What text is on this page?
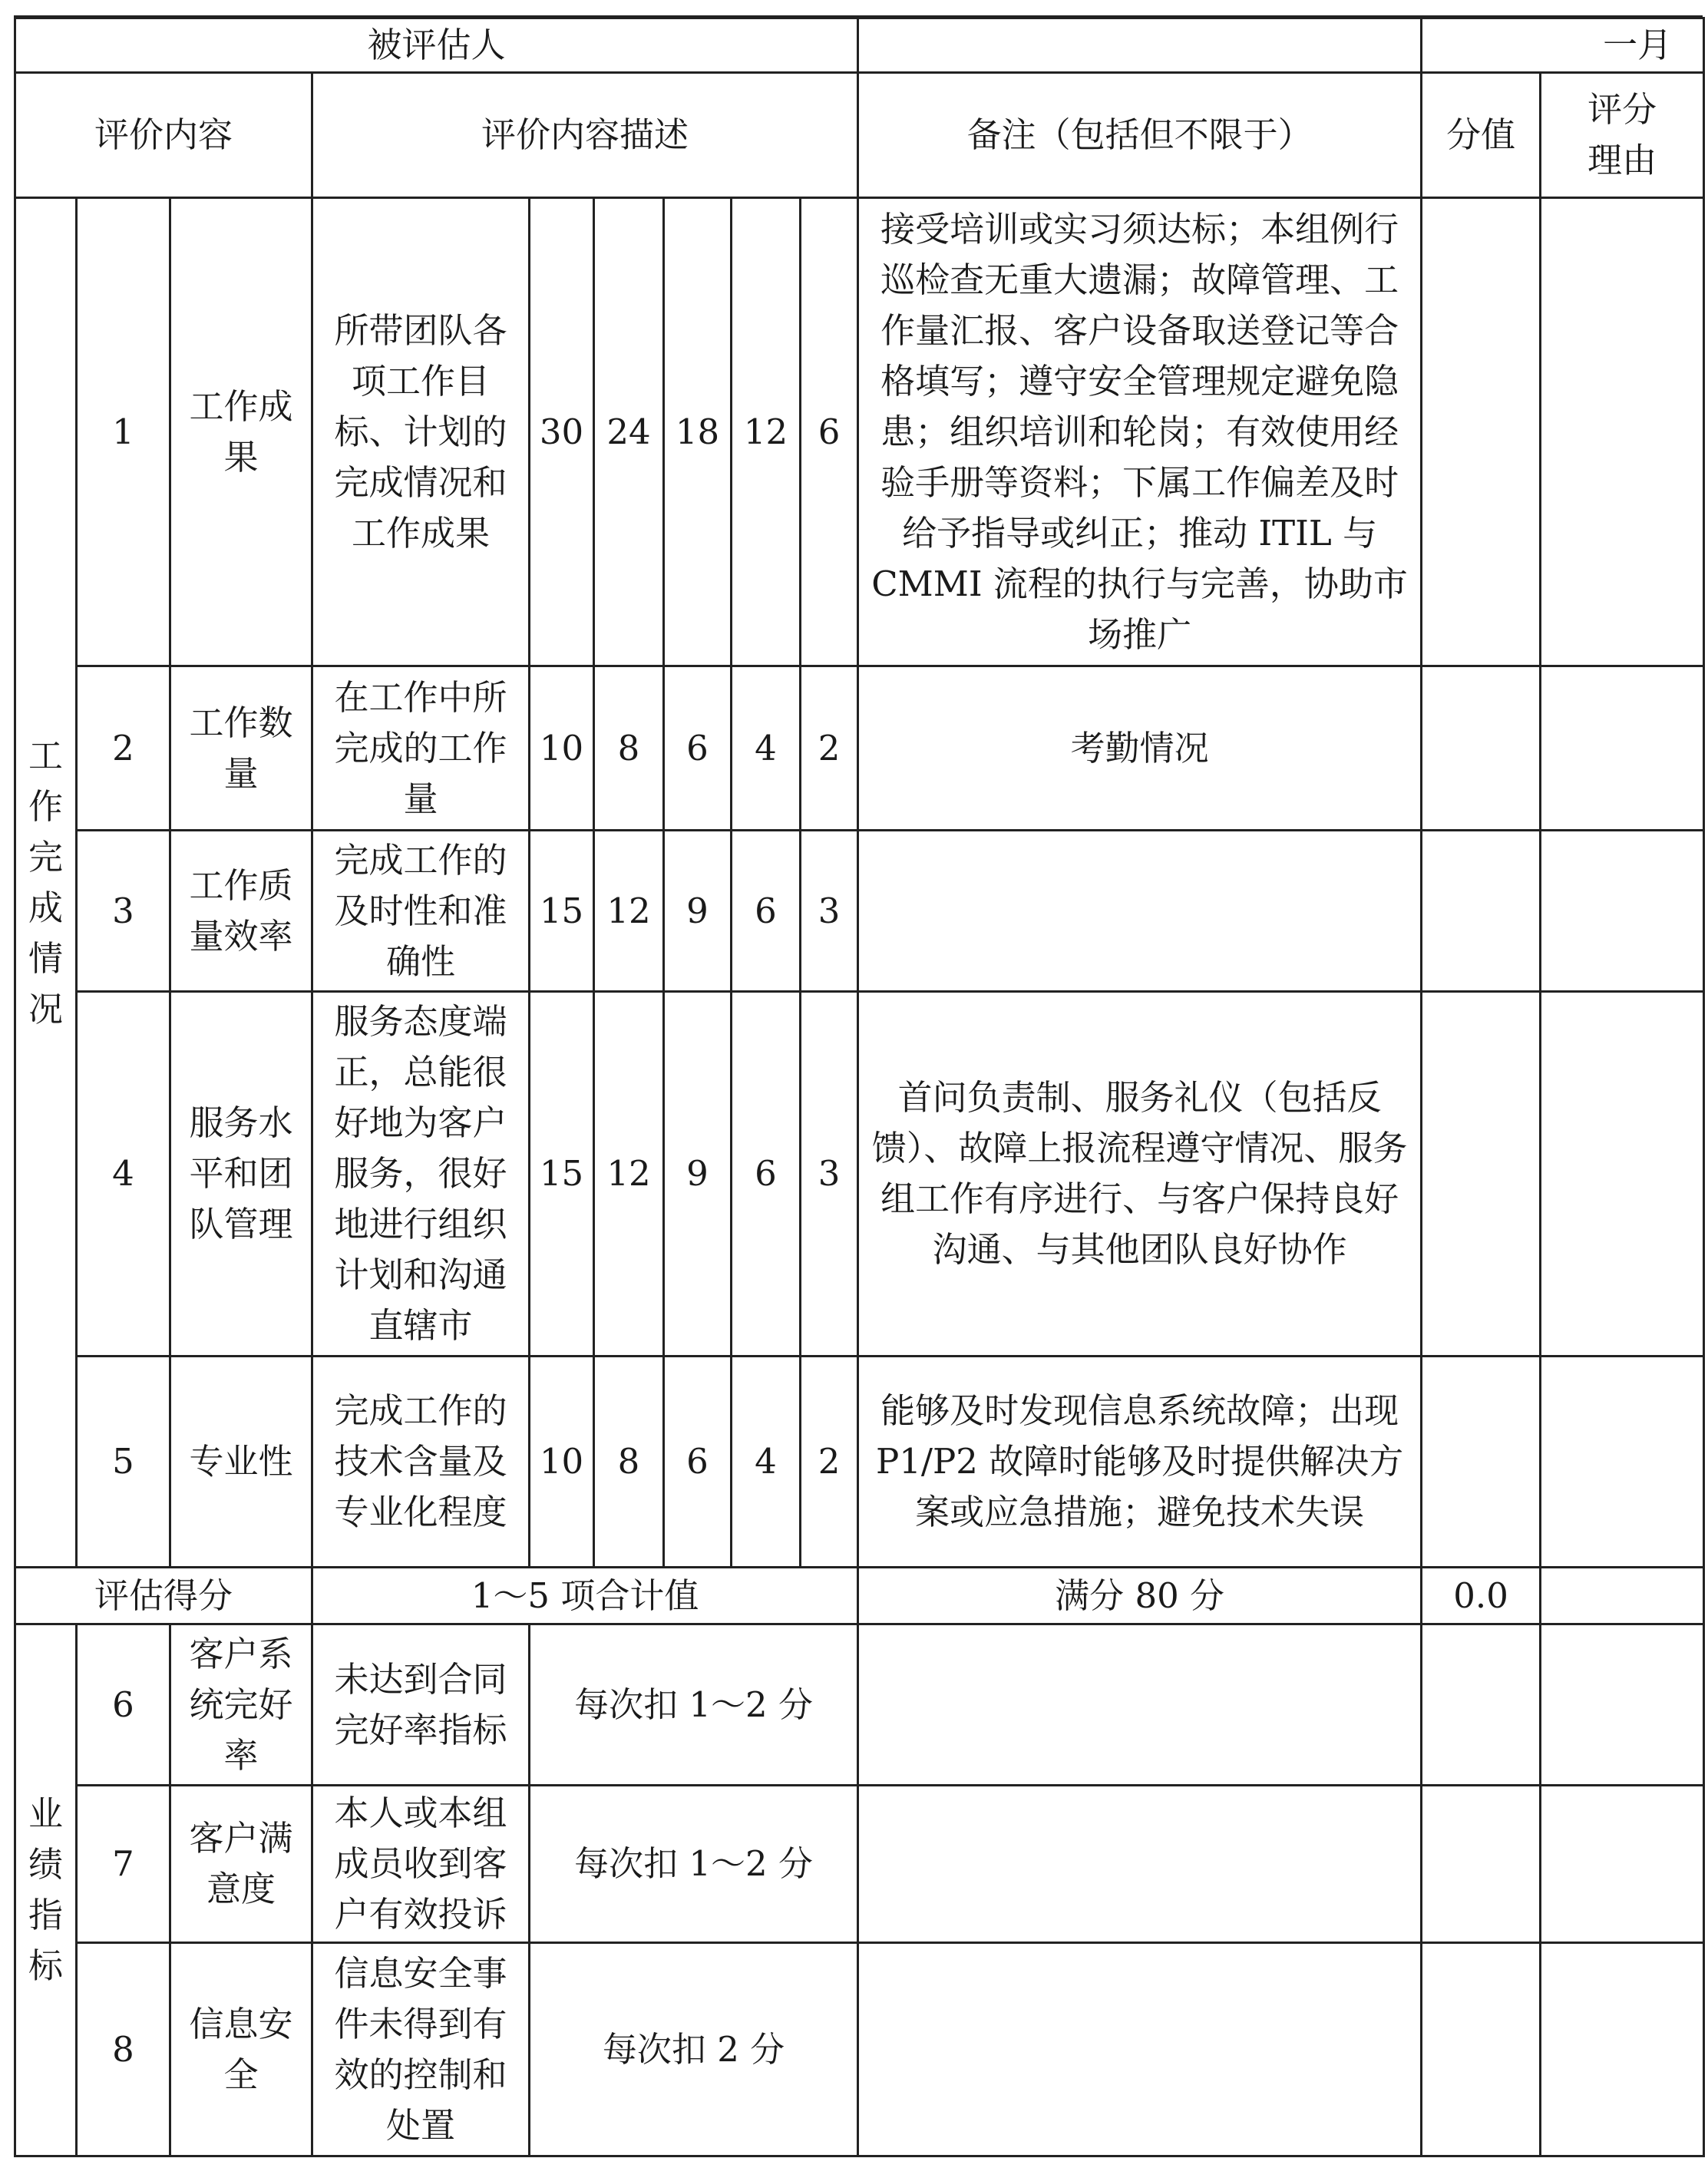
被评估人										一月	
评价内容			评价内容描述						备注（包括但不限于）	分值	评分理由

工作完成情况	1	工作成果	所带团队各项工作目标、计划的完成情况和工作成果	30	24	18	12	6	接受培训或实习须达标；本组例行巡检查无重大遗漏；故障管理、工作量汇报、客户设备取送登记等合格填写；遵守安全管理规定避免隐患；组织培训和轮岗；有效使用经验手册等资料；下属工作偏差及时给予指导或纠正；推动 ITIL 与 CMMI 流程的执行与完善，协助市场推广		
	2	工作数量	在工作中所完成的工作量	10	8	6	4	2	考勤情况		
	3	工作质量效率	完成工作的及时性和准确性	15	12	9	6	3			
	4	服务水平和团队管理	服务态度端正，总能很好地为客户服务，很好地进行组织计划和沟通直辖市	15	12	9	6	3	首问负责制、服务礼仪（包括反馈）、故障上报流程遵守情况、服务组工作有序进行、与客户保持良好沟通、与其他团队良好协作		
	5	专业性	完成工作的技术含量及专业化程度	10	8	6	4	2	能够及时发现信息系统故障；出现 P1/P2 故障时能够及时提供解决方案或应急措施；避免技术失误		
评估得分			1～5 项合计值						满分 80 分	0.0	

业绩指标	6	客户系统完好率	未达到合同完好率指标	每次扣 1～2 分							
	7	客户满意度	本人或本组成员收到客户有效投诉	每次扣 1～2 分							
	8	信息安全	信息安全事件未得到有效的控制和处置	每次扣 2 分							
